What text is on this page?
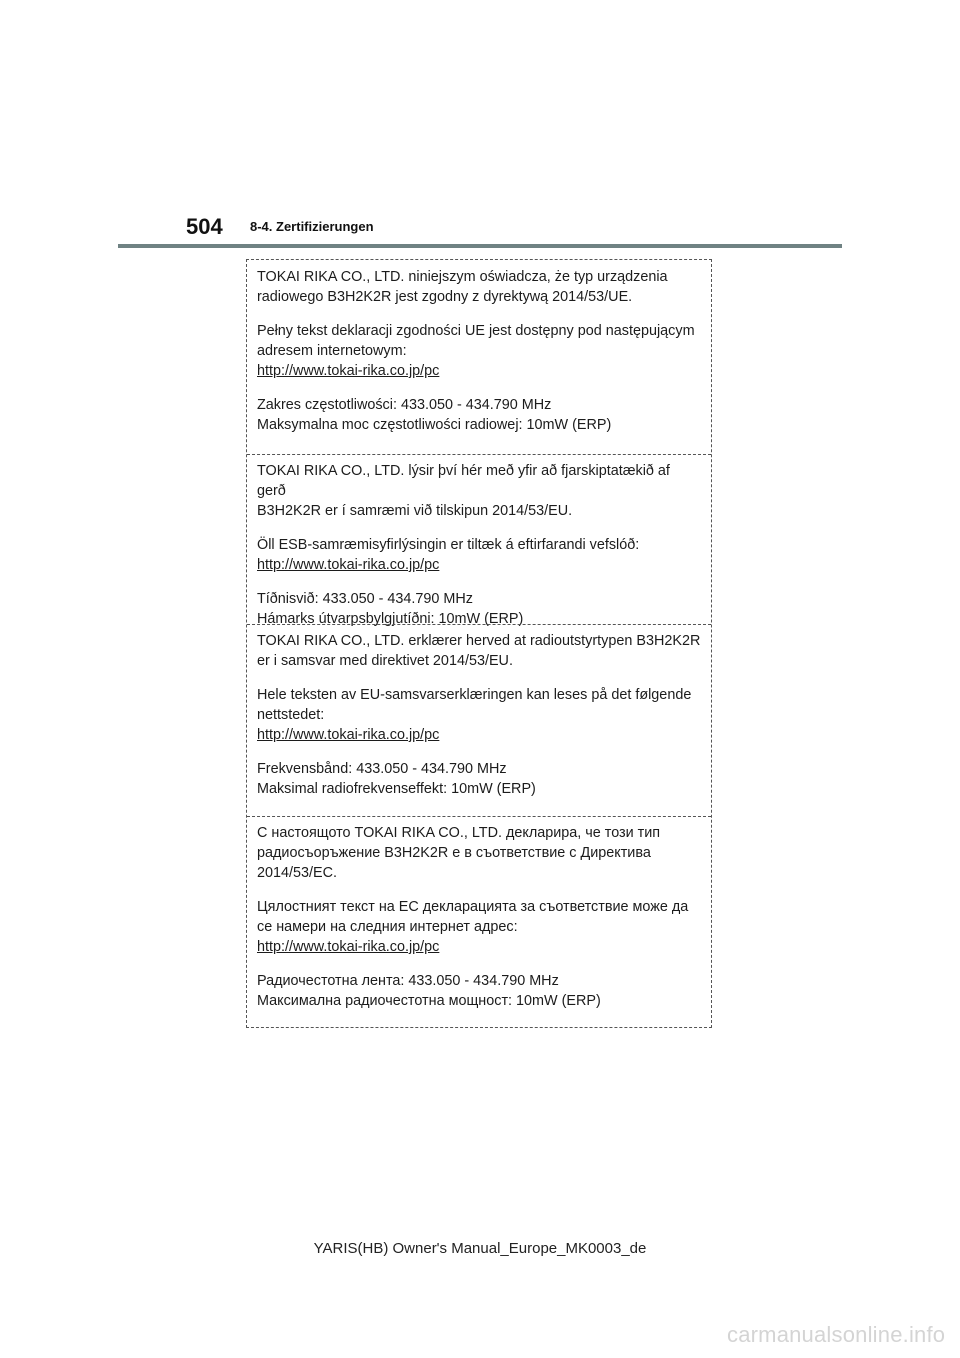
504 8-4. Zertifizierungen

TOKAI RIKA CO., LTD. niniejszym oświadcza, że typ urządzenia

radiowego B3H2K2R jest zgodny z dyrektywą 2014/53/UE.

Pełny tekst deklaracji zgodności UE jest dostępny pod następującym

adresem internetowym:

http://www.tokai-rika.co.jp/pc

Zakres częstotliwości: 433.050 - 434.790 MHz

Maksymalna moc częstotliwości radiowej: 10mW (ERP)

TOKAI RIKA CO., LTD. lýsir því hér með yfir að fjarskiptatækið af gerð

B3H2K2R er í samræmi við tilskipun 2014/53/EU.

Öll ESB-samræmisyfirlýsingin er tiltæk á eftirfarandi vefslóð:

http://www.tokai-rika.co.jp/pc

Tíðnisvið: 433.050 - 434.790 MHz

Hámarks útvarpsbylgjutíðni: 10mW (ERP)

TOKAI RIKA CO., LTD. erklærer herved at radioutstyrtypen B3H2K2R

er i samsvar med direktivet 2014/53/EU.

Hele teksten av EU-samsvarserklæringen kan leses på det følgende

nettstedet:

http://www.tokai-rika.co.jp/pc

Frekvensbånd: 433.050 - 434.790 MHz

Maksimal radiofrekvenseffekt: 10mW (ERP)

С настоящото TOKAI RIKA CO., LTD. декларира, че този тип

радиосъоръжение B3H2K2R е в съответствие с Директива

2014/53/ЕС.

Цялостният текст на ЕС декларацията за съответствие може да

се намери на следния интернет адрес:

http://www.tokai-rika.co.jp/pc

Радиочестотна лента: 433.050 - 434.790 MHz

Максимална радиочестотна мощност: 10mW (ERP)

YARIS(HB) Owner's Manual_Europe_MK0003_de
carmanualsonline.info
